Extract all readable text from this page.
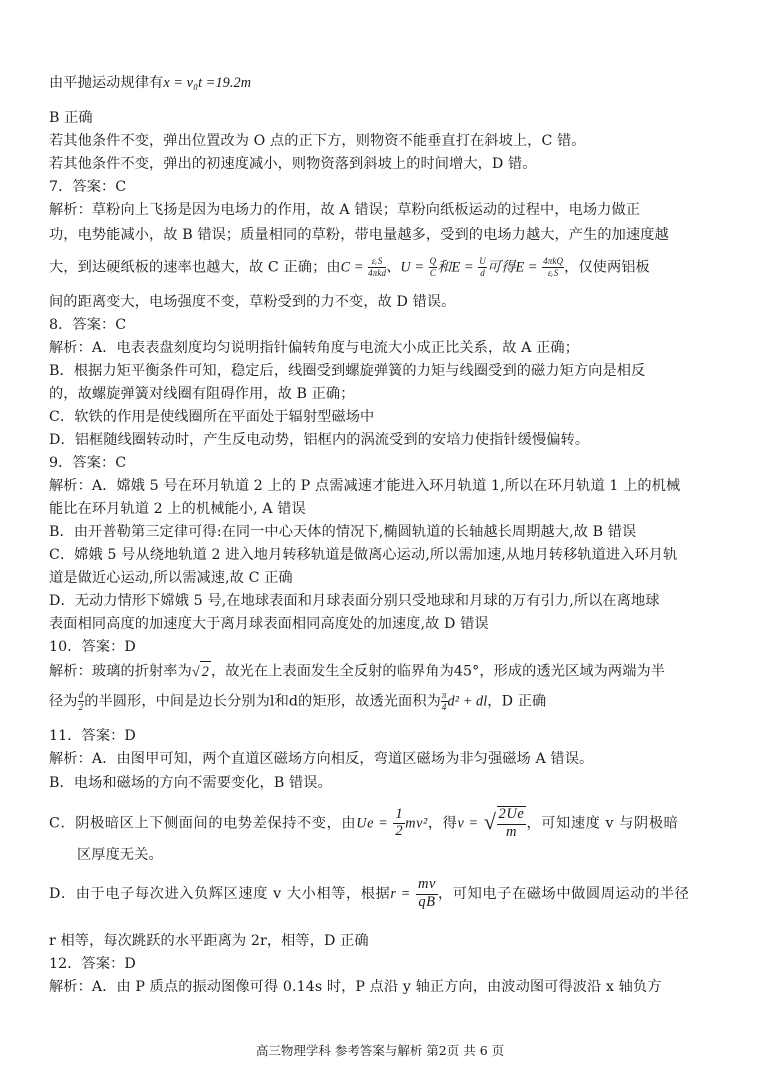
由平抛运动规律有x = v₀t =19.2m
B 正确
若其他条件不变，弹出位置改为 O 点的正下方，则物资不能垂直打在斜坡上，C 错。
若其他条件不变，弹出的初速度减小，则物资落到斜坡上的时间增大，D 错。
7．答案：C
解析：草粉向上飞扬是因为电场力的作用，故 A 错误；草粉向纸板运动的过程中，电场力做正
功，电势能减小，故 B 错误；质量相同的草粉，带电量越多，受到的电场力越大，产生的加速度越
大，到达硬纸板的速率也越大，故 C 正确；由$C = \frac{\text{εᵣS}}{\text{4πkd}}$ 、$U = \frac{Q}{C}$ 和$E = \frac{U}{d}$ 可得$E = \frac{\text{4πkQ}}{\text{εᵣS}}$ ，仅使两铝板
间的距离变大，电场强度不变，草粉受到的力不变，故 D 错误。
8．答案：C
解析：A．电表表盘刻度均匀说明指针偏转角度与电流大小成正比关系，故 A 正确；
B．根据力矩平衡条件可知，稳定后，线圈受到螺旋弹簧的力矩与线圈受到的磁力矩方向是相反
的，故螺旋弹簧对线圈有阻碍作用，故 B 正确；
C．软铁的作用是使线圈所在平面处于辐射型磁场中
D．铝框随线圈转动时，产生反电动势，铝框内的涡流受到的安培力使指针缓慢偏转。
9．答案：C
解析：A．嫦娥 5 号在环月轨道 2 上的 P 点需减速才能进入环月轨道 1,所以在环月轨道 1 上的机械
能比在环月轨道 2 上的机械能小, A 错误
B．由开普勒第三定律可得:在同一中心天体的情况下,椭圆轨道的长轴越长周期越大,故 B 错误
C．嫦娥 5 号从绕地轨道 2 进入地月转移轨道是做离心运动,所以需加速,从地月转移轨道进入环月轨
道是做近心运动,所以需减速,故 C 正确
D．无动力情形下嫦娥 5 号,在地球表面和月球表面分别只受地球和月球的万有引力,所以在离地球
表面相同高度的加速度大于离月球表面相同高度处的加速度,故 D 错误
10．答案：D
解析：玻璃的折射率为√ 2 ，故光在上表面发生全反射的临界角为45°，形成的透光区域为两端为半
径为 $\frac{d}{2}$ 的半圆形，中间是边长分别为l和d的矩形，故透光面积为 $\frac{\pi}{4} d^2$ + dl，D 正确
11．答案：D
解析：A．由图甲可知，两个直道区磁场方向相反，弯道区磁场为非匀强磁场 A 错误。
B．电场和磁场的方向不需要变化，B 错误。
C．阴极暗区上下侧面间的电势差保持不变，由$Ue = \frac{1}{2} mv^2$，得v = √ $\frac{2Ue}{m}$ ，可知速度 v 与阴极暗
区厚度无关。
D．由于电子每次进入负辉区速度 v 大小相等，根据$r = \frac{mv}{qB}$ ，可知电子在磁场中做圆周运动的半径
r 相等，每次跳跃的水平距离为 2r，相等，D 正确
12．答案：D
解析：A．由 P 质点的振动图像可得 0.14s 时，P 点沿 y 轴正方向，由波动图可得波沿 x 轴负方
高三物理学科 参考答案与解析 第2页 共 6 页
